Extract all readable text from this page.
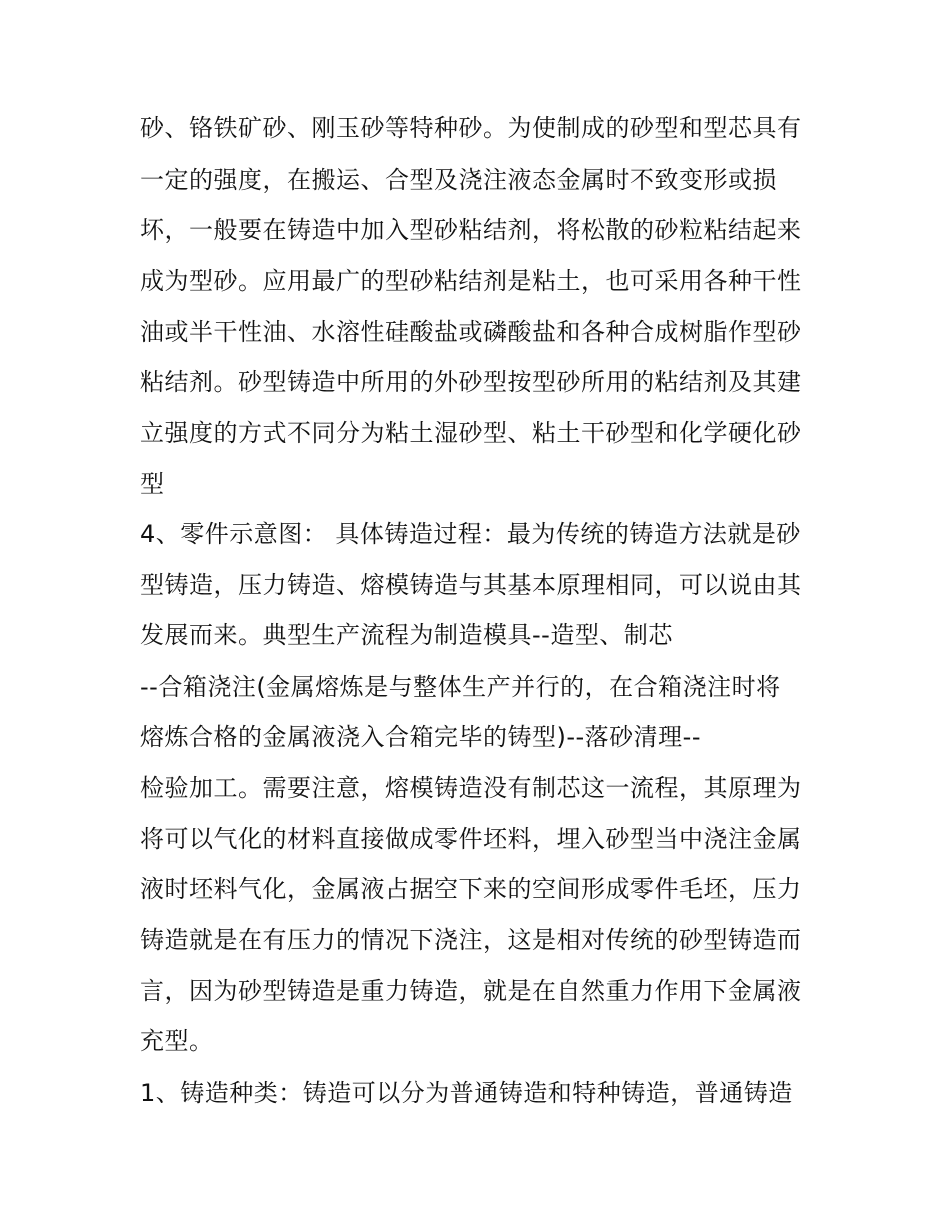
砂、铬铁矿砂、刚玉砂等特种砂。为使制成的砂型和型芯具有
一定的强度，在搬运、合型及浇注液态金属时不致变形或损
坏，一般要在铸造中加入型砂粘结剂，将松散的砂粒粘结起来
成为型砂。应用最广的型砂粘结剂是粘土，也可采用各种干性
油或半干性油、水溶性硅酸盐或磷酸盐和各种合成树脂作型砂
粘结剂。砂型铸造中所用的外砂型按型砂所用的粘结剂及其建
立强度的方式不同分为粘土湿砂型、粘土干砂型和化学硬化砂
型
4、零件示意图： 具体铸造过程：最为传统的铸造方法就是砂
型铸造，压力铸造、熔模铸造与其基本原理相同，可以说由其
发展而来。典型生产流程为制造模具--造型、制芯
--合箱浇注(金属熔炼是与整体生产并行的，在合箱浇注时将
熔炼合格的金属液浇入合箱完毕的铸型)--落砂清理--
检验加工。需要注意，熔模铸造没有制芯这一流程，其原理为
将可以气化的材料直接做成零件坯料，埋入砂型当中浇注金属
液时坯料气化，金属液占据空下来的空间形成零件毛坯，压力
铸造就是在有压力的情况下浇注，这是相对传统的砂型铸造而
言，因为砂型铸造是重力铸造，就是在自然重力作用下金属液
充型。
1、铸造种类：铸造可以分为普通铸造和特种铸造，普通铸造
